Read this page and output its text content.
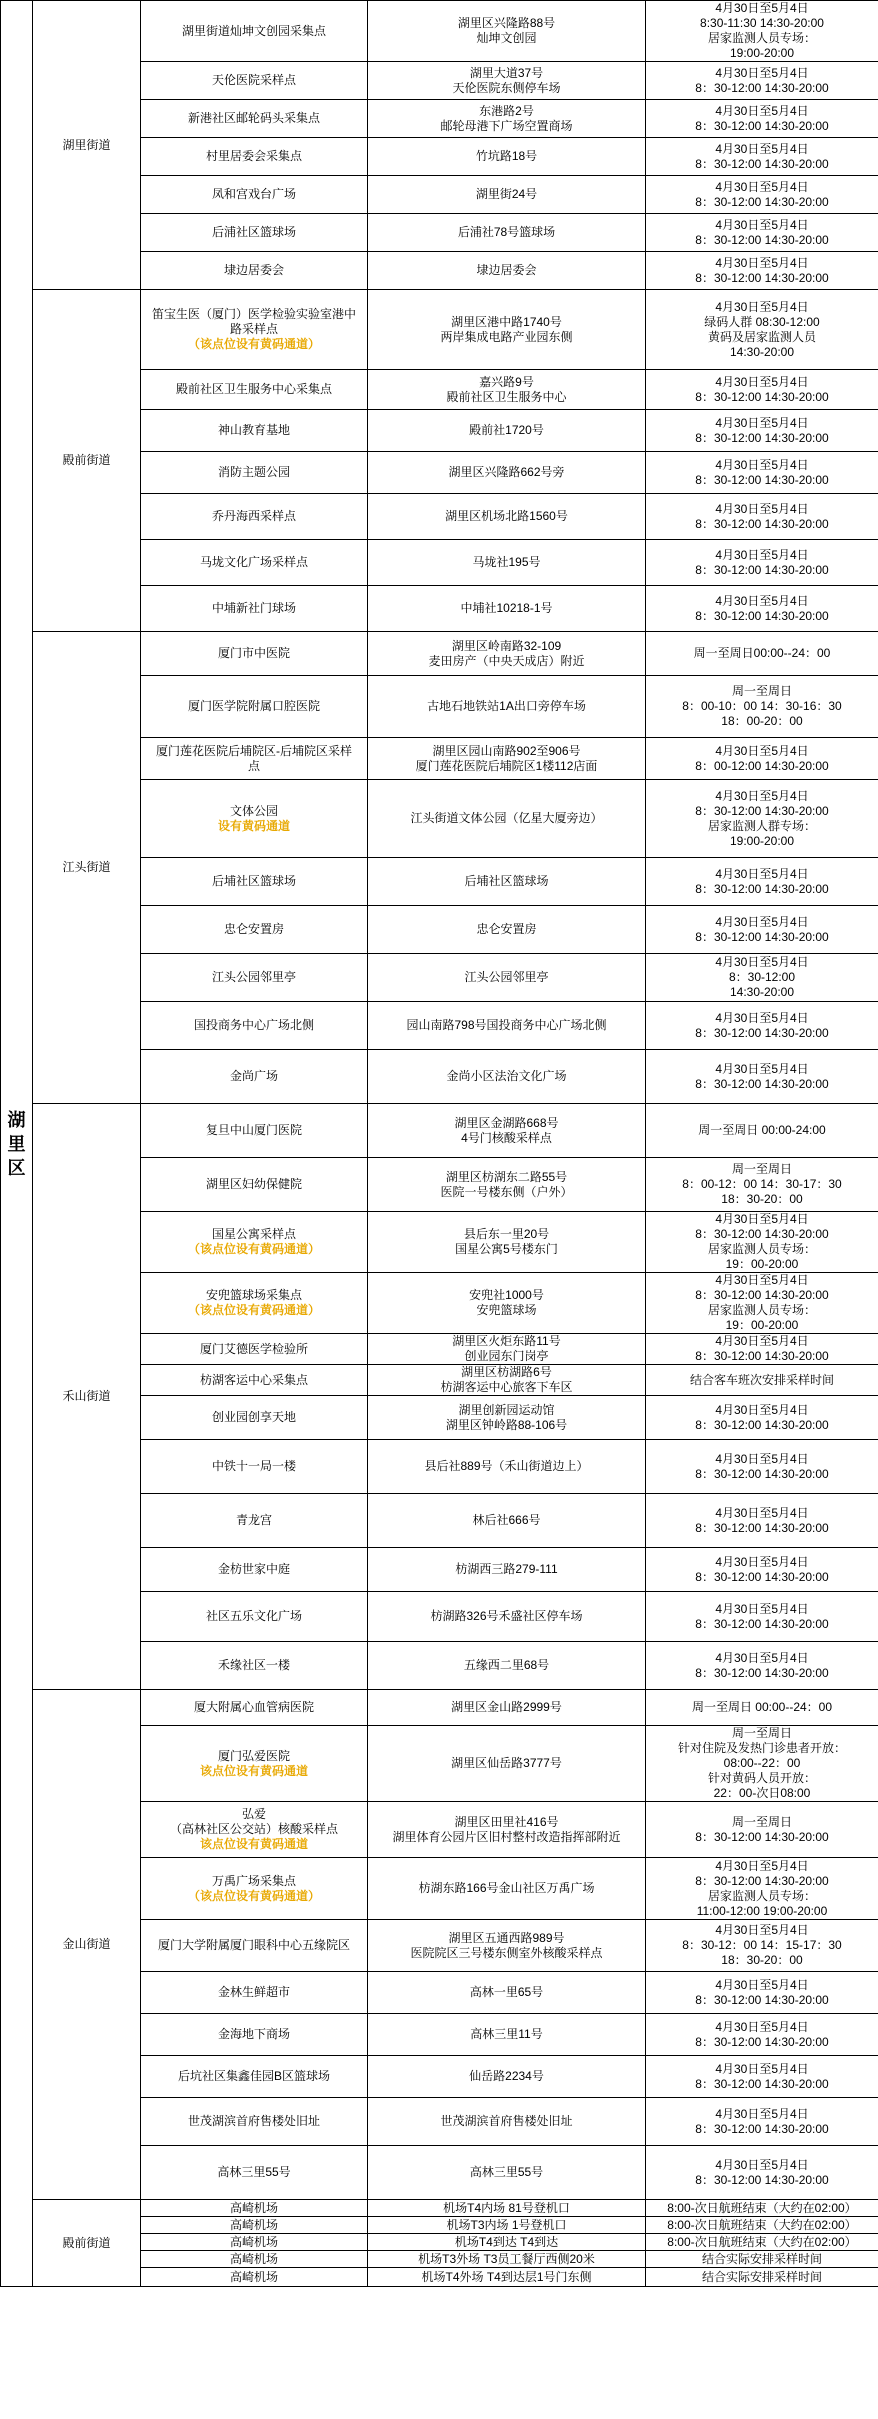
湖里区	湖里街道	湖里街道灿坤文创园采集点	湖里区兴隆路88号
灿坤文创园	4月30日至5月4日
8:30-11:30 14:30-20:00
居家监测人员专场：
19:00-20:00

		天伦医院采样点	湖里大道37号
天伦医院东侧停车场	4月30日至5月4日
8：30-12:00 14:30-20:00

		新港社区邮轮码头采集点	东港路2号
邮轮母港下广场空置商场	4月30日至5月4日
8：30-12:00 14:30-20:00

		村里居委会采集点	竹坑路18号	4月30日至5月4日
8：30-12:00 14:30-20:00

		凤和宫戏台广场	湖里街24号	4月30日至5月4日
8：30-12:00 14:30-20:00

		后浦社区篮球场	后浦社78号篮球场	4月30日至5月4日
8：30-12:00 14:30-20:00

		埭边居委会	埭边居委会	4月30日至5月4日
8：30-12:00 14:30-20:00

	殿前街道	笛宝生医（厦门）医学检验实验室港中
路采样点
（该点位设有黄码通道）	湖里区港中路1740号
两岸集成电路产业园东侧	4月30日至5月4日
绿码人群 08:30-12:00
黄码及居家监测人员
14:30-20:00

		殿前社区卫生服务中心采集点	嘉兴路9号
殿前社区卫生服务中心	4月30日至5月4日
8：30-12:00 14:30-20:00

		神山教育基地	殿前社1720号	4月30日至5月4日
8：30-12:00 14:30-20:00

		消防主题公园	湖里区兴隆路662号旁	4月30日至5月4日
8：30-12:00 14:30-20:00

		乔丹海西采样点	湖里区机场北路1560号	4月30日至5月4日
8：30-12:00 14:30-20:00

		马垅文化广场采样点	马垅社195号	4月30日至5月4日
8：30-12:00 14:30-20:00

		中埔新社门球场	中埔社10218-1号	4月30日至5月4日
8：30-12:00 14:30-20:00

	江头街道	厦门市中医院	湖里区岭南路32-109
麦田房产（中央天成店）附近	周一至周日00:00--24：00

		厦门医学院附属口腔医院	古地石地铁站1A出口旁停车场	周一至周日
8：00-10：00 14：30-16：30
18：00-20：00

		厦门莲花医院后埔院区-后埔院区采样
点	湖里区园山南路902至906号
厦门莲花医院后埔院区1楼112店面	4月30日至5月4日
8：00-12:00 14:30-20:00

		文体公园
设有黄码通道	江头街道文体公园（亿星大厦旁边）	4月30日至5月4日
8：30-12:00 14:30-20:00
居家监测人群专场：
19:00-20:00

		后埔社区篮球场	后埔社区篮球场	4月30日至5月4日
8：30-12:00 14:30-20:00

		忠仑安置房	忠仑安置房	4月30日至5月4日
8：30-12:00 14:30-20:00

		江头公园邻里亭	江头公园邻里亭	4月30日至5月4日
8：30-12:00
14:30-20:00

		国投商务中心广场北侧	园山南路798号国投商务中心广场北侧	4月30日至5月4日
8：30-12:00 14:30-20:00

		金尚广场	金尚小区法治文化广场	4月30日至5月4日
8：30-12:00 14:30-20:00

	禾山街道	复旦中山厦门医院	湖里区金湖路668号
4号门核酸采样点	周一至周日 00:00-24:00

		湖里区妇幼保健院	湖里区枋湖东二路55号
医院一号楼东侧（户外）	周一至周日
8：00-12：00 14：30-17：30
18：30-20：00

		国星公寓采样点
（该点位设有黄码通道）	县后东一里20号
国星公寓5号楼东门	4月30日至5月4日
8：30-12:00 14:30-20:00
居家监测人员专场：
19：00-20:00

		安兜篮球场采集点
（该点位设有黄码通道）	安兜社1000号
安兜篮球场	4月30日至5月4日
8：30-12:00 14:30-20:00
居家监测人员专场：
19：00-20:00

		厦门艾德医学检验所	湖里区火炬东路11号
创业园东门岗亭	4月30日至5月4日
8：30-12:00 14:30-20:00

		枋湖客运中心采集点	湖里区枋湖路6号
枋湖客运中心旅客下车区	结合客车班次安排采样时间

		创业园创享天地	湖里创新园运动馆
湖里区钟岭路88-106号	4月30日至5月4日
8：30-12:00 14:30-20:00

		中铁十一局一楼	县后社889号（禾山街道边上）	4月30日至5月4日
8：30-12:00 14:30-20:00

		青龙宫	林后社666号	4月30日至5月4日
8：30-12:00 14:30-20:00

		金枋世家中庭	枋湖西三路279-111	4月30日至5月4日
8：30-12:00 14:30-20:00

		社区五乐文化广场	枋湖路326号禾盛社区停车场	4月30日至5月4日
8：30-12:00 14:30-20:00

		禾缘社区一楼	五缘西二里68号	4月30日至5月4日
8：30-12:00 14:30-20:00

	金山街道	厦大附属心血管病医院	湖里区金山路2999号	周一至周日 00:00--24：00

		厦门弘爱医院
该点位设有黄码通道	湖里区仙岳路3777号	周一至周日
针对住院及发热门诊患者开放：
08:00--22：00
针对黄码人员开放：
22：00-次日08:00

		弘爱
（高林社区公交站）核酸采样点
该点位设有黄码通道	湖里区田里社416号
湖里体育公园片区旧村整村改造指挥部附近	周一至周日
8：30-12:00 14:30-20:00

		万禹广场采集点
（该点位设有黄码通道）	枋湖东路166号金山社区万禹广场	4月30日至5月4日
8：30-12:00 14:30-20:00
居家监测人员专场：
11:00-12:00 19:00-20:00

		厦门大学附属厦门眼科中心五缘院区	湖里区五通西路989号
医院院区三号楼东侧室外核酸采样点	4月30日至5月4日
8：30-12：00 14：15-17：30
18：30-20：00

		金林生鲜超市	高林一里65号	4月30日至5月4日
8：30-12:00 14:30-20:00

		金海地下商场	高林三里11号	4月30日至5月4日
8：30-12:00 14:30-20:00

		后坑社区集鑫佳园B区篮球场	仙岳路2234号	4月30日至5月4日
8：30-12:00 14:30-20:00

		世茂湖滨首府售楼处旧址	世茂湖滨首府售楼处旧址	4月30日至5月4日
8：30-12:00 14:30-20:00

		高林三里55号	高林三里55号	4月30日至5月4日
8：30-12:00 14:30-20:00

	殿前街道	高崎机场	机场T4内场 81号登机口	8:00-次日航班结束（大约在02:00）

		高崎机场	机场T3内场 1号登机口	8:00-次日航班结束（大约在02:00）

		高崎机场	机场T4到达 T4到达	8:00-次日航班结束（大约在02:00）

		高崎机场	机场T3外场 T3员工餐厅西侧20米	结合实际安排采样时间

		高崎机场	机场T4外场 T4到达层1号门东侧	结合实际安排采样时间
